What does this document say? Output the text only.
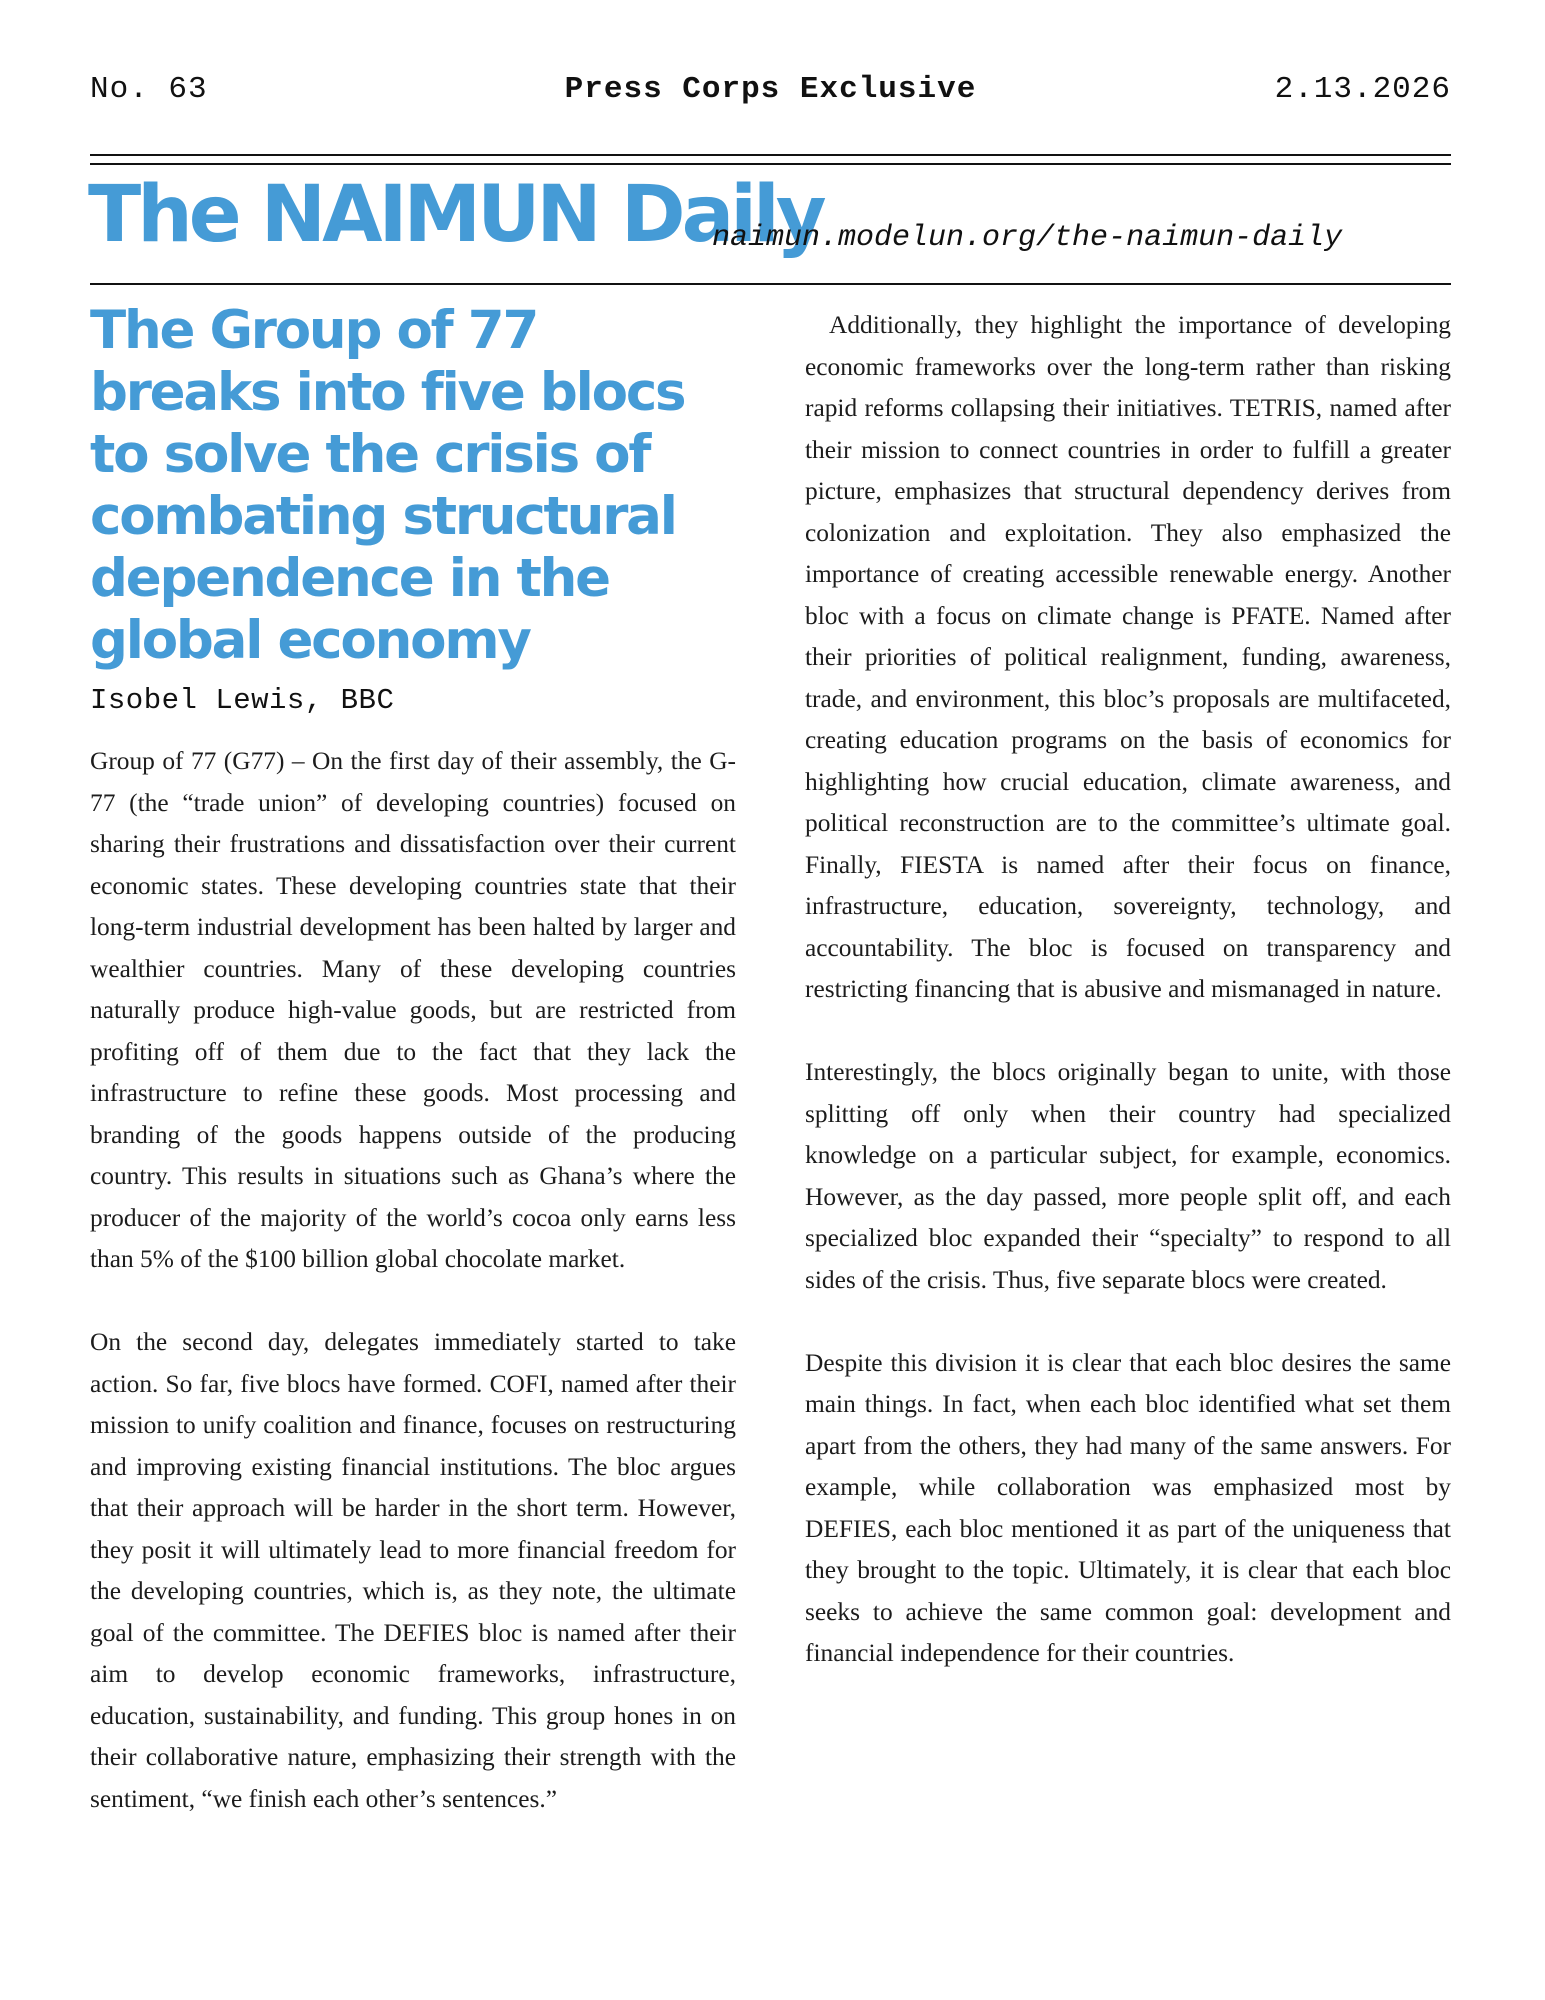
No. 63	Press Corps Exclusive	2.13.2026
The NAIMUN Daily
naimun.modelun.org/the-naimun-daily
The Group of 77 breaks into five blocs to solve the crisis of combating structural dependence in the global economy
Isobel Lewis, BBC

Group of 77 (G77) – On the first day of their assembly, the G-77 (the “trade union” of developing countries) focused on sharing their frustrations and dissatisfaction over their current economic states. These developing countries state that their long-term industrial development has been halted by larger and wealthier countries. Many of these developing countries naturally produce high-value goods, but are restricted from profiting off of them due to the fact that they lack the infrastructure to refine these goods. Most processing and branding of the goods happens outside of the producing country. This results in situations such as Ghana’s where the producer of the majority of the world’s cocoa only earns less than 5% of the $100 billion global chocolate market.

On the second day, delegates immediately started to take action. So far, five blocs have formed. COFI, named after their mission to unify coalition and finance, focuses on restructuring and improving existing financial institutions. The bloc argues that their approach will be harder in the short term. However, they posit it will ultimately lead to more financial freedom for the developing countries, which is, as they note, the ultimate goal of the committee. The DEFIES bloc is named after their aim to develop economic frameworks, infrastructure, education, sustainability, and funding. This group hones in on their collaborative nature, emphasizing their strength with the sentiment, “we finish each other’s sentences.”

Additionally, they highlight the importance of developing economic frameworks over the long-term rather than risking rapid reforms collapsing their initiatives. TETRIS, named after their mission to connect countries in order to fulfill a greater picture, emphasizes that structural dependency derives from colonization and exploitation. They also emphasized the importance of creating accessible renewable energy. Another bloc with a focus on climate change is PFATE. Named after their priorities of political realignment, funding, awareness, trade, and environment, this bloc’s proposals are multifaceted, creating education programs on the basis of economics for highlighting how crucial education, climate awareness, and political reconstruction are to the committee’s ultimate goal. Finally, FIESTA is named after their focus on finance, infrastructure, education, sovereignty, technology, and accountability. The bloc is focused on transparency and restricting financing that is abusive and mismanaged in nature.

Interestingly, the blocs originally began to unite, with those splitting off only when their country had specialized knowledge on a particular subject, for example, economics. However, as the day passed, more people split off, and each specialized bloc expanded their “specialty” to respond to all sides of the crisis. Thus, five separate blocs were created.

Despite this division it is clear that each bloc desires the same main things. In fact, when each bloc identified what set them apart from the others, they had many of the same answers. For example, while collaboration was emphasized most by DEFIES, each bloc mentioned it as part of the uniqueness that they brought to the topic. Ultimately, it is clear that each bloc seeks to achieve the same common goal: development and financial independence for their countries.
